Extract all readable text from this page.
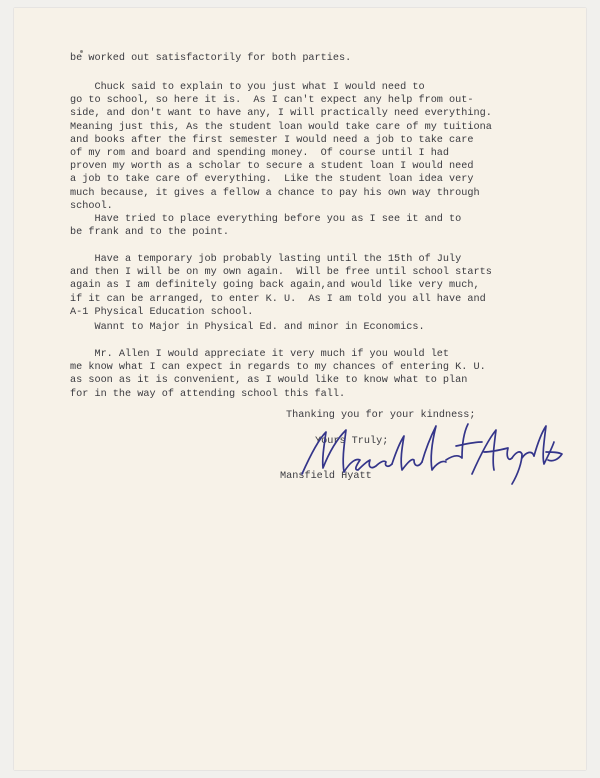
be worked out satisfactorily for both parties.

Chuck said to explain to you just what I would need to
go to school, so here it is.  As I can't expect any help from out-
side, and don't want to have any, I will practically need everything.
Meaning just this, As the student loan would take care of my tuitiona
and books after the first semester I would need a job to take care
of my rom and board and spending money.  Of course until I had
proven my worth as a scholar to secure a student loan I would need
a job to take care of everything.  Like the student loan idea very
much because, it gives a fellow a chance to pay his own way through
school.

Have tried to place everything before you as I see it and to
be frank and to the point.

Have a temporary job probably lasting until the 15th of July
and then I will be on my own again.  Will be free until school starts
again as I am definitely going back again,and would like very much,
if it can be arranged, to enter K. U.  As I am told you all have and
A-1 Physical Education school.

Wannt to Major in Physical Ed. and minor in Economics.

Mr. Allen I would appreciate it very much if you would let
me know what I can expect in regards to my chances of entering K. U.
as soon as it is convenient, as I would like to know what to plan
for in the way of attending school this fall.

Thanking you for your kindness;

Yours Truly;

Mansfield Hyatt
